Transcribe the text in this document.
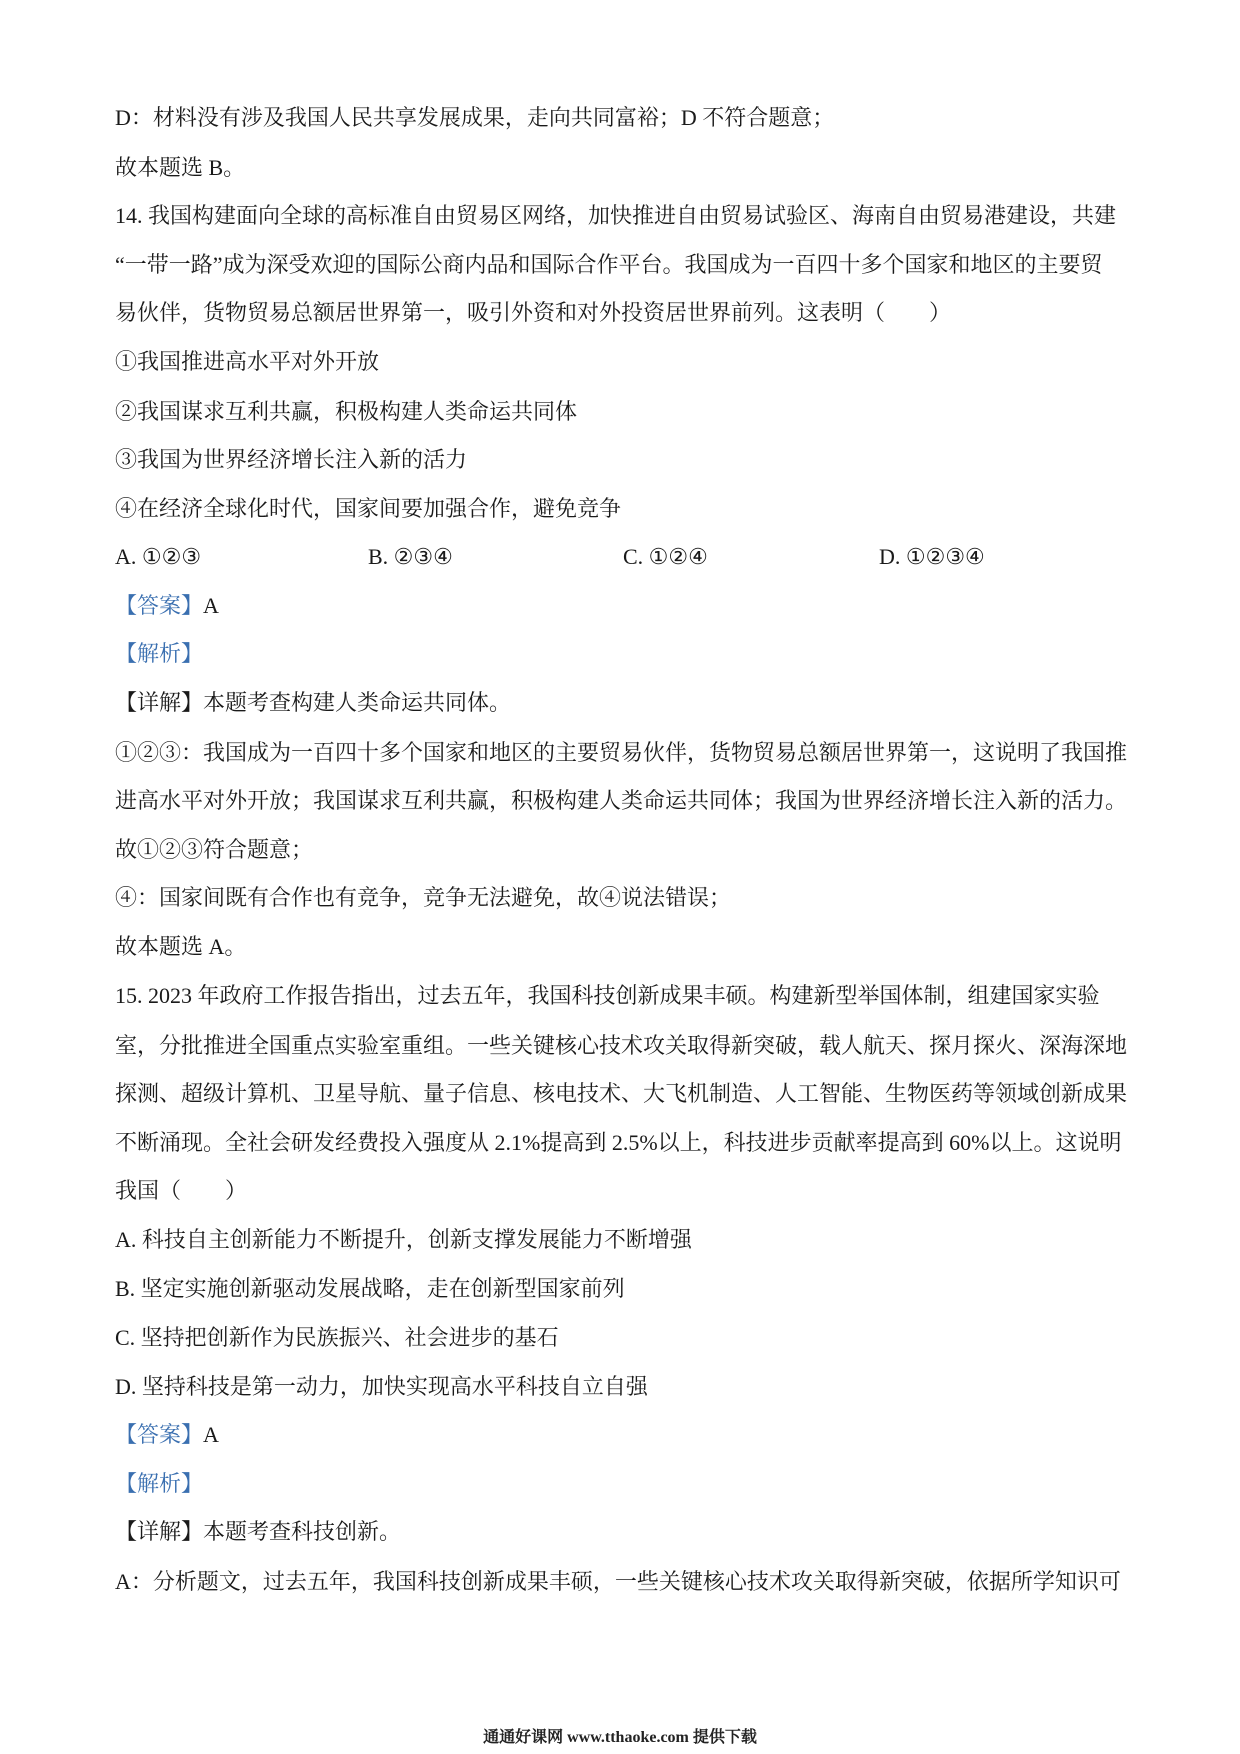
D：材料没有涉及我国人民共享发展成果，走向共同富裕；D 不符合题意；
故本题选 B。
14. 我国构建面向全球的高标准自由贸易区网络，加快推进自由贸易试验区、海南自由贸易港建设，共建
“一带一路”成为深受欢迎的国际公商内品和国际合作平台。我国成为一百四十多个国家和地区的主要贸
易伙伴，货物贸易总额居世界第一，吸引外资和对外投资居世界前列。这表明（　　）
①我国推进高水平对外开放
②我国谋求互利共赢，积极构建人类命运共同体
③我国为世界经济增长注入新的活力
④在经济全球化时代，国家间要加强合作，避免竞争
A. ①②③	B. ②③④	C. ①②④	D. ①②③④
【答案】A
【解析】
【详解】本题考查构建人类命运共同体。
①②③：我国成为一百四十多个国家和地区的主要贸易伙伴，货物贸易总额居世界第一，这说明了我国推
进高水平对外开放；我国谋求互利共赢，积极构建人类命运共同体；我国为世界经济增长注入新的活力。
故①②③符合题意；
④：国家间既有合作也有竞争，竞争无法避免，故④说法错误；
故本题选 A。
15. 2023 年政府工作报告指出，过去五年，我国科技创新成果丰硕。构建新型举国体制，组建国家实验
室，分批推进全国重点实验室重组。一些关键核心技术攻关取得新突破，载人航天、探月探火、深海深地
探测、超级计算机、卫星导航、量子信息、核电技术、大飞机制造、人工智能、生物医药等领域创新成果
不断涌现。全社会研发经费投入强度从 2.1%提高到 2.5%以上，科技进步贡献率提高到 60%以上。这说明
我国（　　）
A. 科技自主创新能力不断提升，创新支撑发展能力不断增强
B. 坚定实施创新驱动发展战略，走在创新型国家前列
C. 坚持把创新作为民族振兴、社会进步的基石
D. 坚持科技是第一动力，加快实现高水平科技自立自强
【答案】A
【解析】
【详解】本题考查科技创新。
A：分析题文，过去五年，我国科技创新成果丰硕，一些关键核心技术攻关取得新突破，依据所学知识可
通通好课网 www.tthaoke.com 提供下载
